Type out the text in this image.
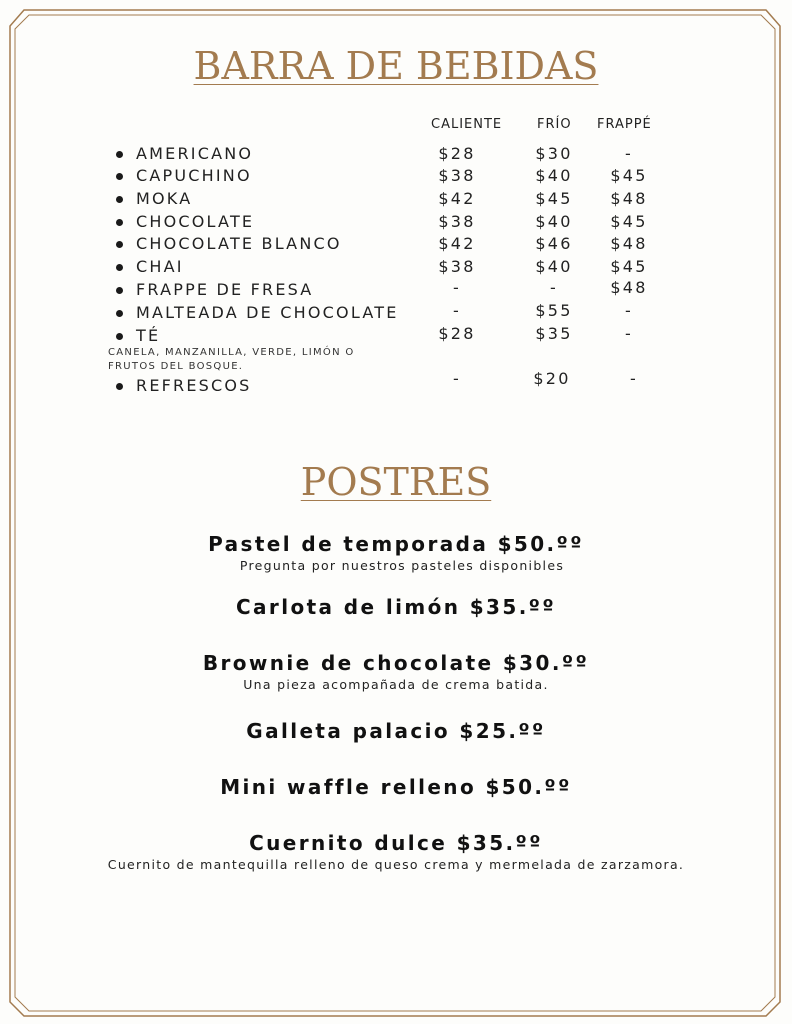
BARRA DE BEBIDAS
CALIENTE	FRÍO FRAPPÉ
AMERICANO	$28	$30	-
CAPUCHINO	$38	$40 $45
MOKA	$42	$45 $48
CHOCOLATE	$38	$40 $45
CHOCOLATE BLANCO	$42	$46 $48
CHAI	$38	$40 $45
FRAPPE DE FRESA	-	-	$48
MALTEADA DE CHOCOLATE	-	$55	-
TÉ	$28	$35	-
REFRESCOS	-	$20	-
CANELA, MANZANILLA, VERDE, LIMÓN O FRUTOS DEL BOSQUE.
POSTRES
Pastel de temporada $50.ºº
Pregunta por nuestros pasteles disponibles
Carlota de limón $35.ºº
Brownie de chocolate $30.ºº
Una pieza acompañada de crema batida.
Galleta palacio $25.ºº
Mini waffle relleno $50.ºº
Cuernito dulce $35.ºº
Cuernito de mantequilla relleno de queso crema y mermelada de zarzamora.
